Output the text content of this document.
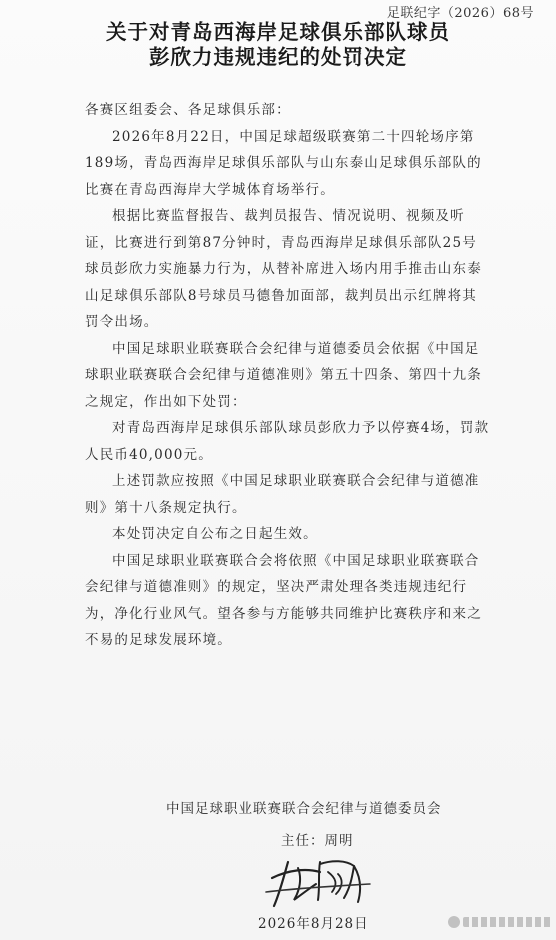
足联纪字（2026）68号
关于对青岛西海岸足球俱乐部队球员
彭欣力违规违纪的处罚决定

各赛区组委会、各足球俱乐部：

2026年8月22日，中国足球超级联赛第二十四轮场序第189场，青岛西海岸足球俱乐部队与山东泰山足球俱乐部队的比赛在青岛西海岸大学城体育场举行。

根据比赛监督报告、裁判员报告、情况说明、视频及听证，比赛进行到第87分钟时，青岛西海岸足球俱乐部队25号球员彭欣力实施暴力行为，从替补席进入场内用手推击山东泰山足球俱乐部队8号球员马德鲁加面部，裁判员出示红牌将其罚令出场。

中国足球职业联赛联合会纪律与道德委员会依据《中国足球职业联赛联合会纪律与道德准则》第五十四条、第四十九条之规定，作出如下处罚：

对青岛西海岸足球俱乐部队球员彭欣力予以停赛4场，罚款人民币40,000元。

上述罚款应按照《中国足球职业联赛联合会纪律与道德准则》第十八条规定执行。

本处罚决定自公布之日起生效。

中国足球职业联赛联合会将依照《中国足球职业联赛联合会纪律与道德准则》的规定，坚决严肃处理各类违规违纪行为，净化行业风气。望各参与方能够共同维护比赛秩序和来之不易的足球发展环境。

中国足球职业联赛联合会纪律与道德委员会
主任：周明
2026年8月28日
